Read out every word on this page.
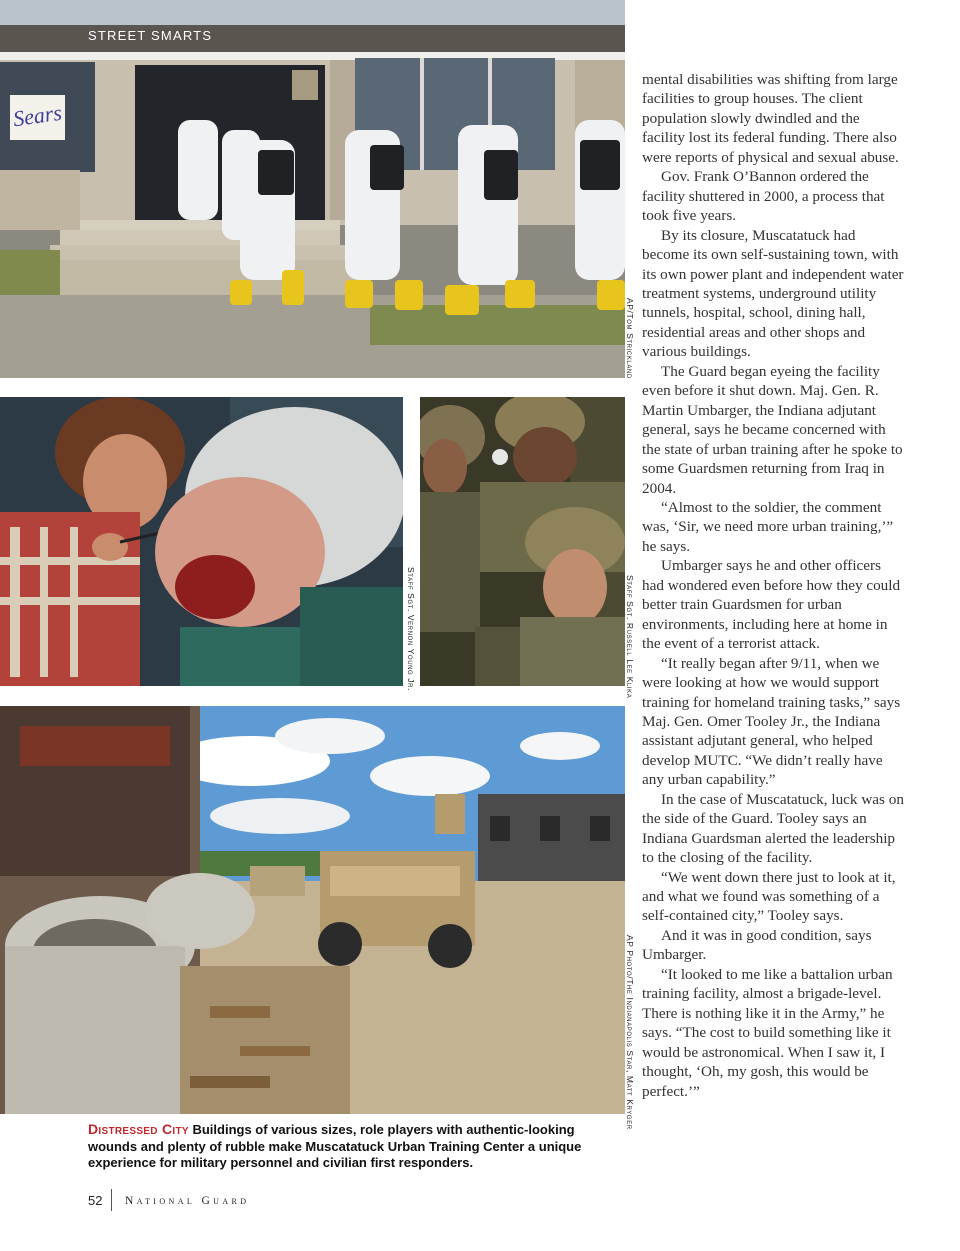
Sears
STREET SMARTS
AP/Tom Strickland
Staff Sgt. Vernon Young Jr.	Staff Sgt. Russell Lee Klika
AP Photo/The Indianapolis Star, Matt Kryger
Distressed City Buildings of various sizes, role players with authentic-looking wounds and plenty of rubble make Muscatatuck Urban Training Center a unique experience for military personnel and civilian first responders.
52 National Guard

mental disabilities was shifting from large facilities to group houses. The client population slowly dwindled and the facility lost its federal funding. There also were reports of physical and sexual abuse.

Gov. Frank O’Bannon ordered the facility shuttered in 2000, a process that took five years.

By its closure, Muscatatuck had become its own self-sustaining town, with its own power plant and independent water treatment systems, underground utility tunnels, hospital, school, dining hall, residential areas and other shops and various buildings.

The Guard began eyeing the facility even before it shut down. Maj. Gen. R. Martin Umbarger, the Indiana adjutant general, says he became concerned with the state of urban training after he spoke to some Guardsmen returning from Iraq in 2004.

“Almost to the soldier, the comment was, ‘Sir, we need more urban training,’” he says.

Umbarger says he and other officers had wondered even before how they could better train Guardsmen for urban environments, including here at home in the event of a terrorist attack.

“It really began after 9/11, when we were looking at how we would support training for homeland training tasks,” says Maj. Gen. Omer Tooley Jr., the Indiana assistant adjutant general, who helped develop MUTC. “We didn’t really have any urban capability.”

In the case of Muscatatuck, luck was on the side of the Guard. Tooley says an Indiana Guardsman alerted the leadership to the closing of the facility.

“We went down there just to look at it, and what we found was something of a self-contained city,” Tooley says.

And it was in good condition, says Umbarger.

“It looked to me like a battalion urban training facility, almost a brigade-level. There is nothing like it in the Army,” he says. “The cost to build something like it would be astronomical. When I saw it, I thought, ‘Oh, my gosh, this would be perfect.’”
